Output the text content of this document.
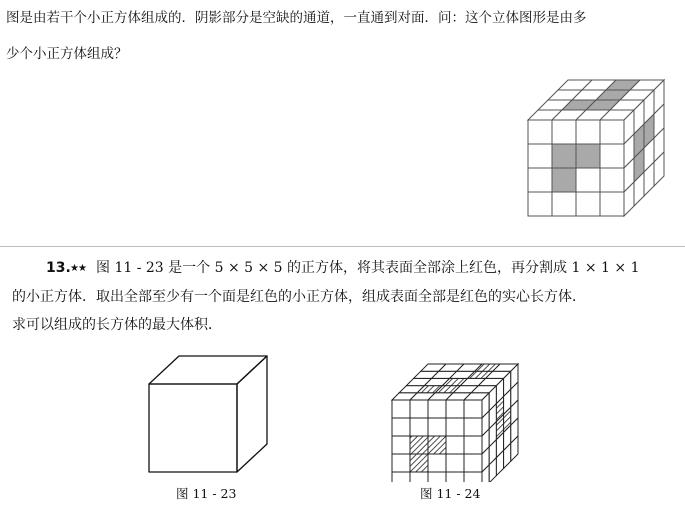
图是由若干个小正方体组成的．阴影部分是空缺的通道，一直通到对面．问：这个立体图形是由多
少个小正方体组成？
13. ★★ 图 11 - 23 是一个 5 × 5 × 5 的正方体，将其表面全部涂上红色，再分割成 1 × 1 × 1
的小正方体．取出全部至少有一个面是红色的小正方体，组成表面全部是红色的实心长方体．
求可以组成的长方体的最大体积．
图 11 - 23	图 11 - 24
